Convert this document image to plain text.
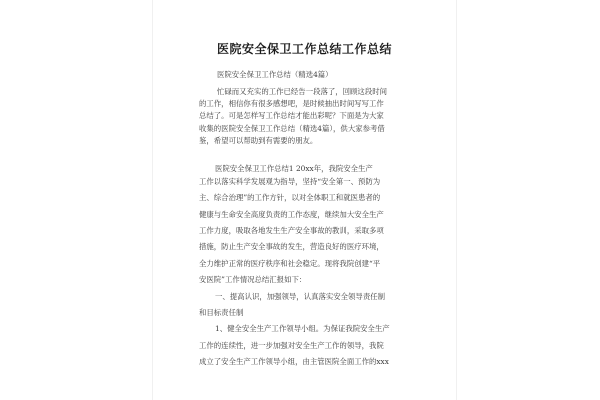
医院安全保卫工作总结工作总结
医院安全保卫工作总结（精选4篇）
忙碌而又充实的工作已经告一段落了，回顾这段时间
的工作，相信你有很多感想吧，是时候抽出时间写写工作
总结了。可是怎样写工作总结才能出彩呢？下面是为大家
收集的医院安全保卫工作总结（精选4篇），供大家参考借
鉴，希望可以帮助到有需要的朋友。
医院安全保卫工作总结1 20xx年，我院安全生产
工作以落实科学发展观为指导，坚持“安全第一、预防为
主、综合治理”的工作方针，以对全体职工和就医患者的
健康与生命安全高度负责的工作态度，继续加大安全生产
工作力度，吸取各地发生生产安全事故的教训，采取多项
措施，防止生产安全事故的发生，营造良好的医疗环境，
全力维护正常的医疗秩序和社会稳定。现将我院创建“平
安医院”工作情况总结汇报如下：
一、提高认识，加强领导，认真落实安全领导责任制
和目标责任制
1、健全安全生产工作领导小组。为保证我院安全生产
工作的连续性，进一步加强对安全生产工作的领导，我院
成立了安全生产工作领导小组，由主管医院全面工作的xxx
